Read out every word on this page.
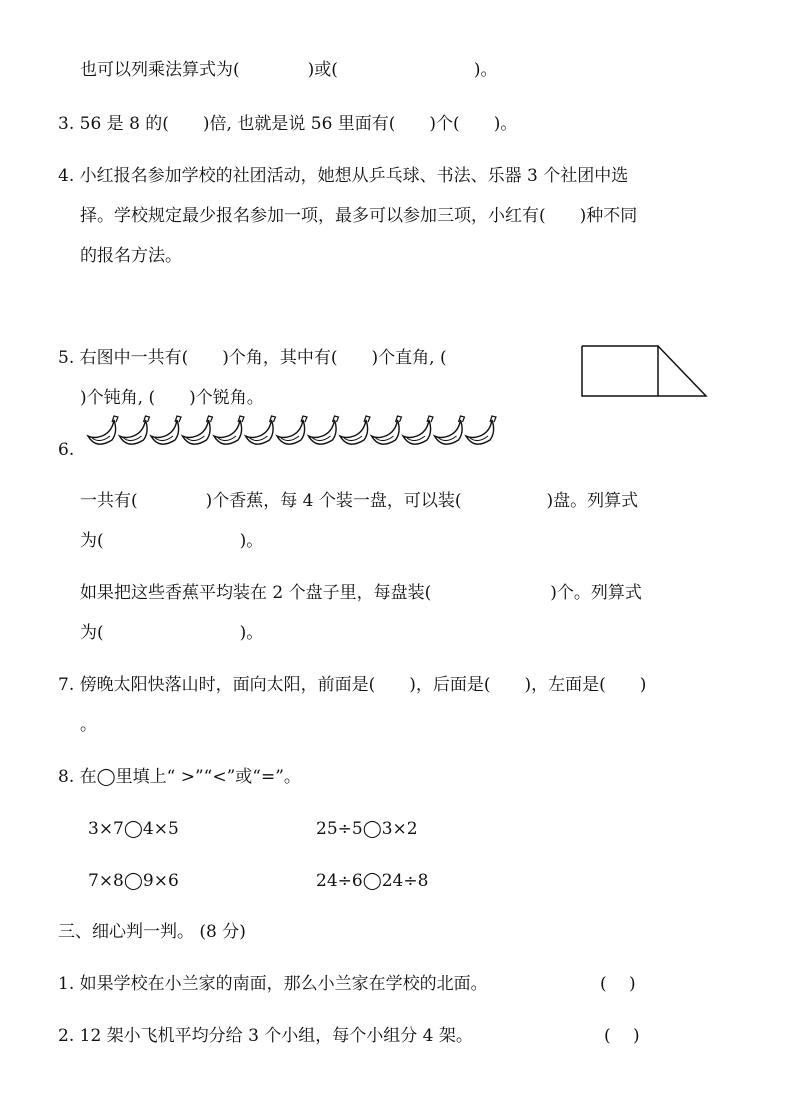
也可以列乘法算式为(　　　　)或(　　　　　　　　)。
3. 56 是 8 的(　　)倍, 也就是说 56 里面有(　　)个(　　)。
4. 小红报名参加学校的社团活动，她想从乒乓球、书法、乐器 3 个社团中选
择。学校规定最少报名参加一项，最多可以参加三项，小红有(　　)种不同
的报名方法。
5. 右图中一共有(　　)个角，其中有(　　)个直角, (
)个钝角, (　　)个锐角。
6.
一共有(　　　　)个香蕉，每 4 个装一盘，可以装(　　　　　)盘。列算式
为(　　　　　　　　)。
如果把这些香蕉平均装在 2 个盘子里，每盘装(　　　　　　　)个。列算式
为(　　　　　　　　)。
7. 傍晚太阳快落山时，面向太阳，前面是(　　)，后面是(　　)，左面是(　　)
。
8. 在◯里填上“ >”“<”或“=”。
3×7◯4×5	25÷5◯3×2
7×8◯9×6	24÷6◯24÷8
三、细心判一判。 (8 分)
1. 如果学校在小兰家的南面，那么小兰家在学校的北面。	(　 )
2. 12 架小飞机平均分给 3 个小组，每个小组分 4 架。	(　 )
